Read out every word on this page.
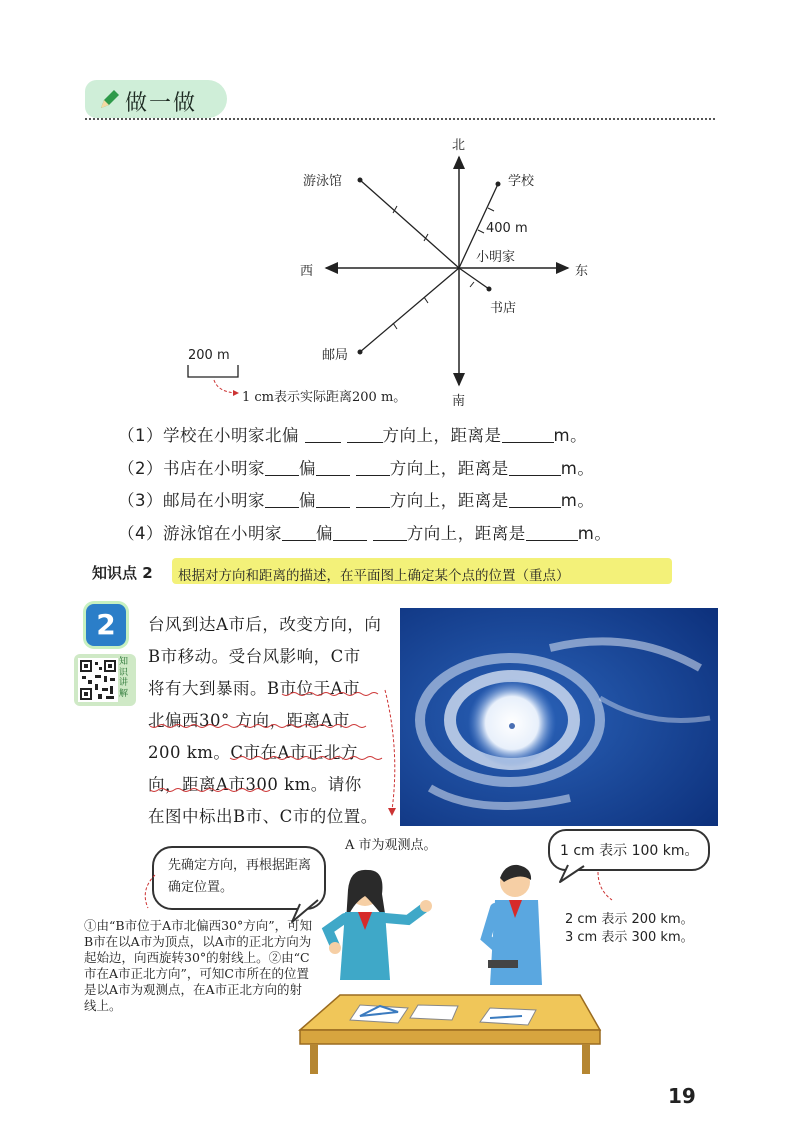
做一做
北
南
东
西
小明家
游泳馆	学校
书店
邮局
400 m
200 m
1 cm表示实际距离200 m。
（1）学校在小明家北偏	方向上，距离是	m。
（2）书店在小明家 偏	方向上，距离是	m。
（3）邮局在小明家 偏	方向上，距离是	m。
（4）游泳馆在小明家 偏	方向上，距离是	m。
知识点 2 根据对方向和距离的描述，在平面图上确定某个点的位置（重点）
2
知识讲解
台风到达A市后，改变方向，向
B市移动。受台风影响，C市
将有大到暴雨。B市位于A市
北偏西30° 方向，距离A市
200 km。C市在A市正北方
向，距离A市300 km。请你
在图中标出B市、C市的位置。
A 市为观测点。
先确定方向，再根据距离确定位置。
1 cm 表示 100 km。
2 cm 表示 200 km。
3 cm 表示 300 km。
①由“B市位于A市北偏西30°方向”，可知B市在以A市为顶点，以A市的正北方向为起始边，向西旋转30°的射线上。②由“C市在A市正北方向”，可知C市所在的位置是以A市为观测点，在A市正北方向的射线上。
19
